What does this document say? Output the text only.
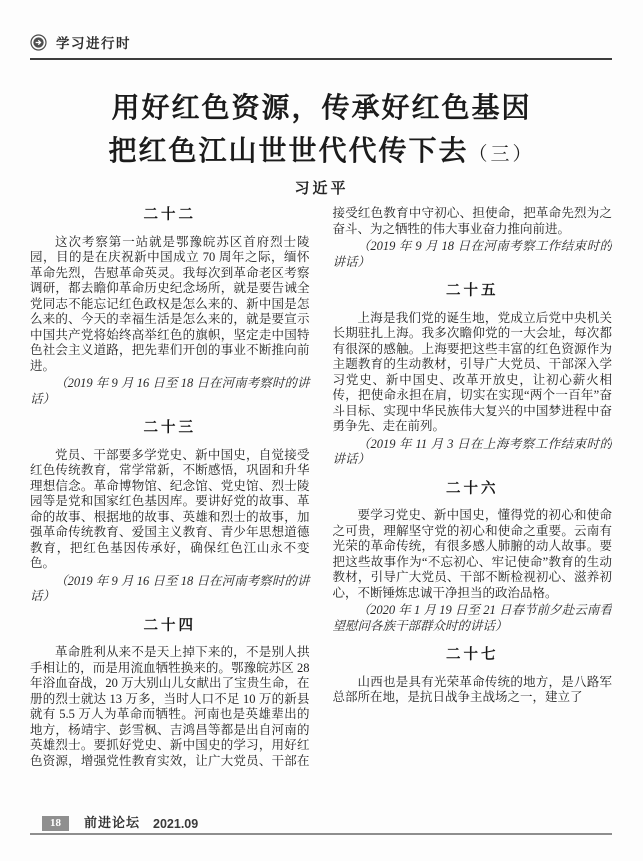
学习进行时
用好红色资源，传承好红色基因
把红色江山世世代代传下去（三）
习近平
二十二

这次考察第一站就是鄂豫皖苏区首府烈士陵园，目的是在庆祝新中国成立 70 周年之际，缅怀革命先烈，告慰革命英灵。我每次到革命老区考察调研，都去瞻仰革命历史纪念场所，就是要告诫全党同志不能忘记红色政权是怎么来的、新中国是怎么来的、今天的幸福生活是怎么来的，就是要宣示中国共产党将始终高举红色的旗帜，坚定走中国特色社会主义道路，把先辈们开创的事业不断推向前进。

（2019 年 9 月 16 日至 18 日在河南考察时的讲话）

二十三

党员、干部要多学党史、新中国史，自觉接受红色传统教育，常学常新，不断感悟，巩固和升华理想信念。革命博物馆、纪念馆、党史馆、烈士陵园等是党和国家红色基因库。要讲好党的故事、革命的故事、根据地的故事、英雄和烈士的故事，加强革命传统教育、爱国主义教育、青少年思想道德教育，把红色基因传承好，确保红色江山永不变色。

（2019 年 9 月 16 日至 18 日在河南考察时的讲话）

二十四

革命胜利从来不是天上掉下来的，不是别人拱手相让的，而是用流血牺牲换来的。鄂豫皖苏区 28 年浴血奋战，20 万大别山儿女献出了宝贵生命，在册的烈士就达 13 万多，当时人口不足 10 万的新县就有 5.5 万人为革命而牺牲。河南也是英雄辈出的地方，杨靖宇、彭雪枫、吉鸿昌等都是出自河南的英雄烈士。要抓好党史、新中国史的学习，用好红色资源，增强党性教育实效，让广大党员、干部在接受红色教育中守初心、担使命，把革命先烈为之奋斗、为之牺牲的伟大事业奋力推向前进。

（2019 年 9 月 18 日在河南考察工作结束时的讲话）

二十五

上海是我们党的诞生地，党成立后党中央机关长期驻扎上海。我多次瞻仰党的一大会址，每次都有很深的感触。上海要把这些丰富的红色资源作为主题教育的生动教材，引导广大党员、干部深入学习党史、新中国史、改革开放史，让初心薪火相传，把使命永担在肩，切实在实现“两个一百年”奋斗目标、实现中华民族伟大复兴的中国梦进程中奋勇争先、走在前列。

（2019 年 11 月 3 日在上海考察工作结束时的讲话）

二十六

要学习党史、新中国史，懂得党的初心和使命之可贵，理解坚守党的初心和使命之重要。云南有光荣的革命传统，有很多感人肺腑的动人故事。要把这些故事作为“不忘初心、牢记使命”教育的生动教材，引导广大党员、干部不断检视初心、滋养初心，不断锤炼忠诚干净担当的政治品格。

（2020 年 1 月 19 日至 21 日春节前夕赴云南看望慰问各族干部群众时的讲话）

二十七

山西也是具有光荣革命传统的地方，是八路军总部所在地，是抗日战争主战场之一，建立了

18	前进论坛 2021.09
